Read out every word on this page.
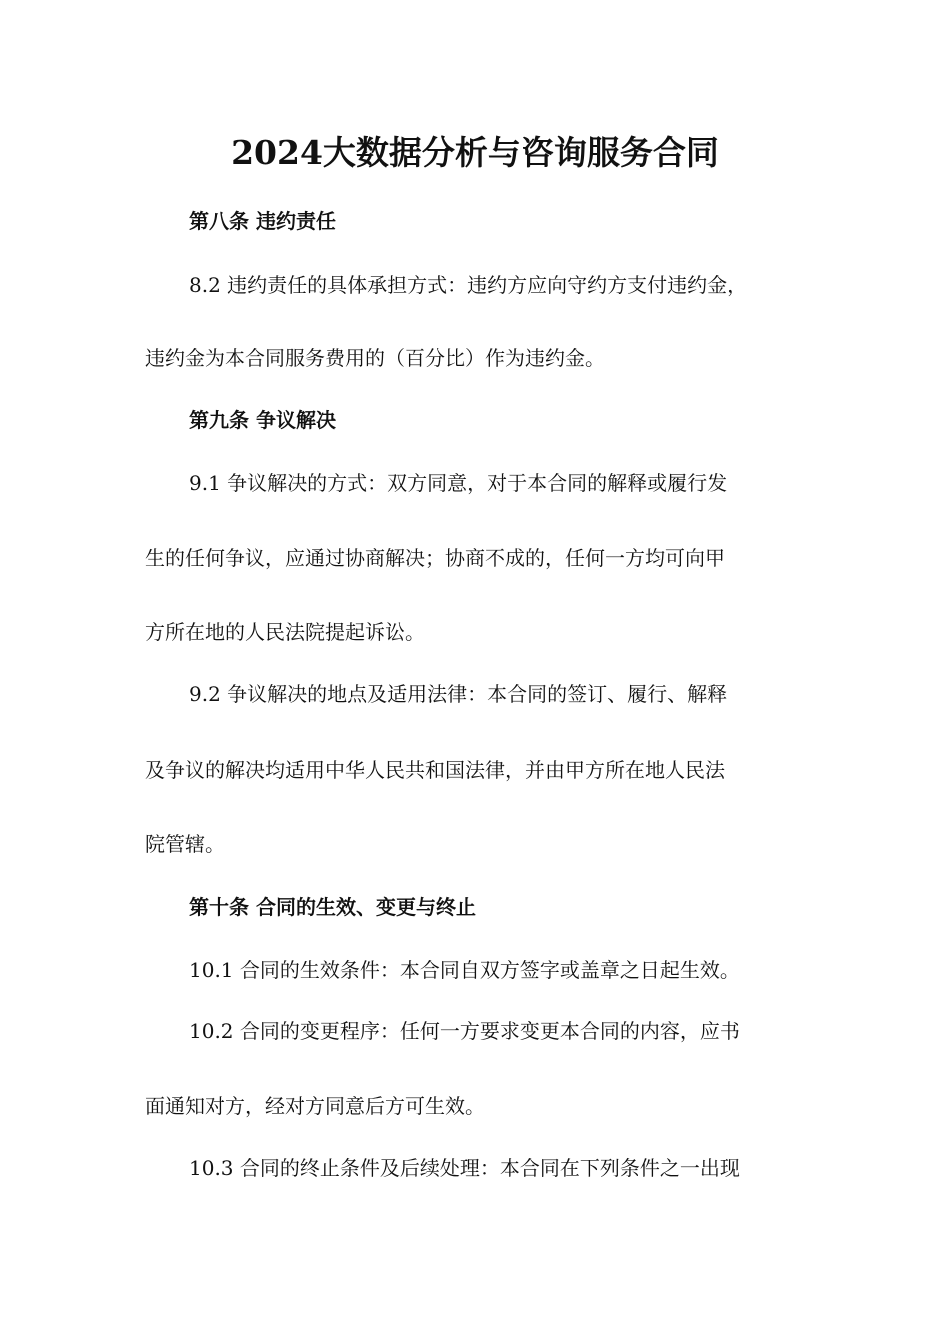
2024大数据分析与咨询服务合同
第八条 违约责任
8.2 违约责任的具体承担方式：违约方应向守约方支付违约金，
违约金为本合同服务费用的（百分比）作为违约金。
第九条 争议解决
9.1 争议解决的方式：双方同意，对于本合同的解释或履行发
生的任何争议，应通过协商解决；协商不成的，任何一方均可向甲
方所在地的人民法院提起诉讼。
9.2 争议解决的地点及适用法律：本合同的签订、履行、解释
及争议的解决均适用中华人民共和国法律，并由甲方所在地人民法
院管辖。
第十条 合同的生效、变更与终止
10.1 合同的生效条件：本合同自双方签字或盖章之日起生效。
10.2 合同的变更程序：任何一方要求变更本合同的内容，应书
面通知对方，经对方同意后方可生效。
10.3 合同的终止条件及后续处理：本合同在下列条件之一出现
